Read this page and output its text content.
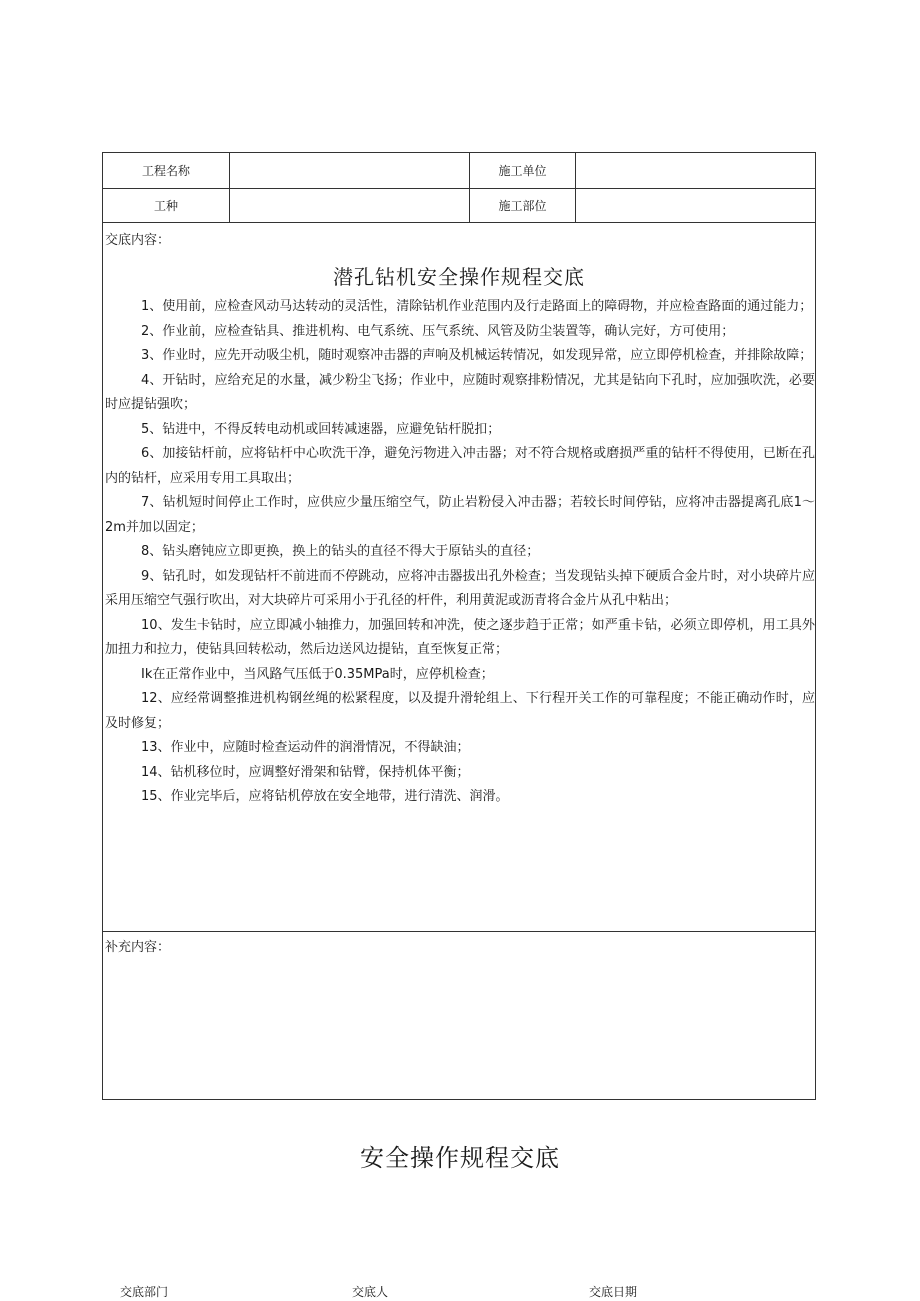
工程名称	施工单位
工种	施工部位
交底内容：
潜孔钻机安全操作规程交底

1、使用前，应检查风动马达转动的灵活性，清除钻机作业范围内及行走路面上的障碍物，并应检查路面的通过能力；

2、作业前，应检查钻具、推进机构、电气系统、压气系统、风管及防尘装置等，确认完好，方可使用；

3、作业时，应先开动吸尘机，随时观察冲击器的声响及机械运转情况，如发现异常，应立即停机检查，并排除故障；

4、开钻时，应给充足的水量，减少粉尘飞扬；作业中，应随时观察排粉情况，尤其是钻向下孔时，应加强吹洗，必要时应提钻强吹；

5、钻进中，不得反转电动机或回转减速器，应避免钻杆脱扣；

6、加接钻杆前，应将钻杆中心吹洗干净，避免污物进入冲击器；对不符合规格或磨损严重的钻杆不得使用，已断在孔内的钻杆，应采用专用工具取出；

7、钻机短时间停止工作时，应供应少量压缩空气，防止岩粉侵入冲击器；若较长时间停钻，应将冲击器提离孔底1～2m并加以固定；

8、钻头磨钝应立即更换，换上的钻头的直径不得大于原钻头的直径；

9、钻孔时，如发现钻杆不前进而不停跳动，应将冲击器拔出孔外检查；当发现钻头掉下硬质合金片时，对小块碎片应采用压缩空气强行吹出，对大块碎片可采用小于孔径的杆件，利用黄泥或沥青将合金片从孔中粘出；

10、发生卡钻时，应立即减小轴推力，加强回转和冲洗，使之逐步趋于正常；如严重卡钻，必须立即停机，用工具外加扭力和拉力，使钻具回转松动，然后边送风边提钻，直至恢复正常；

Ik在正常作业中，当风路气压低于0.35MPa时，应停机检查；

12、应经常调整推进机构钢丝绳的松紧程度，以及提升滑轮组上、下行程开关工作的可靠程度；不能正确动作时，应及时修复；

13、作业中，应随时检查运动件的润滑情况，不得缺油；

14、钻机移位时，应调整好滑架和钻臂，保持机体平衡；

15、作业完毕后，应将钻机停放在安全地带，进行清洗、润滑。

补充内容：
安全操作规程交底
交底部门	交底人	交底日期
